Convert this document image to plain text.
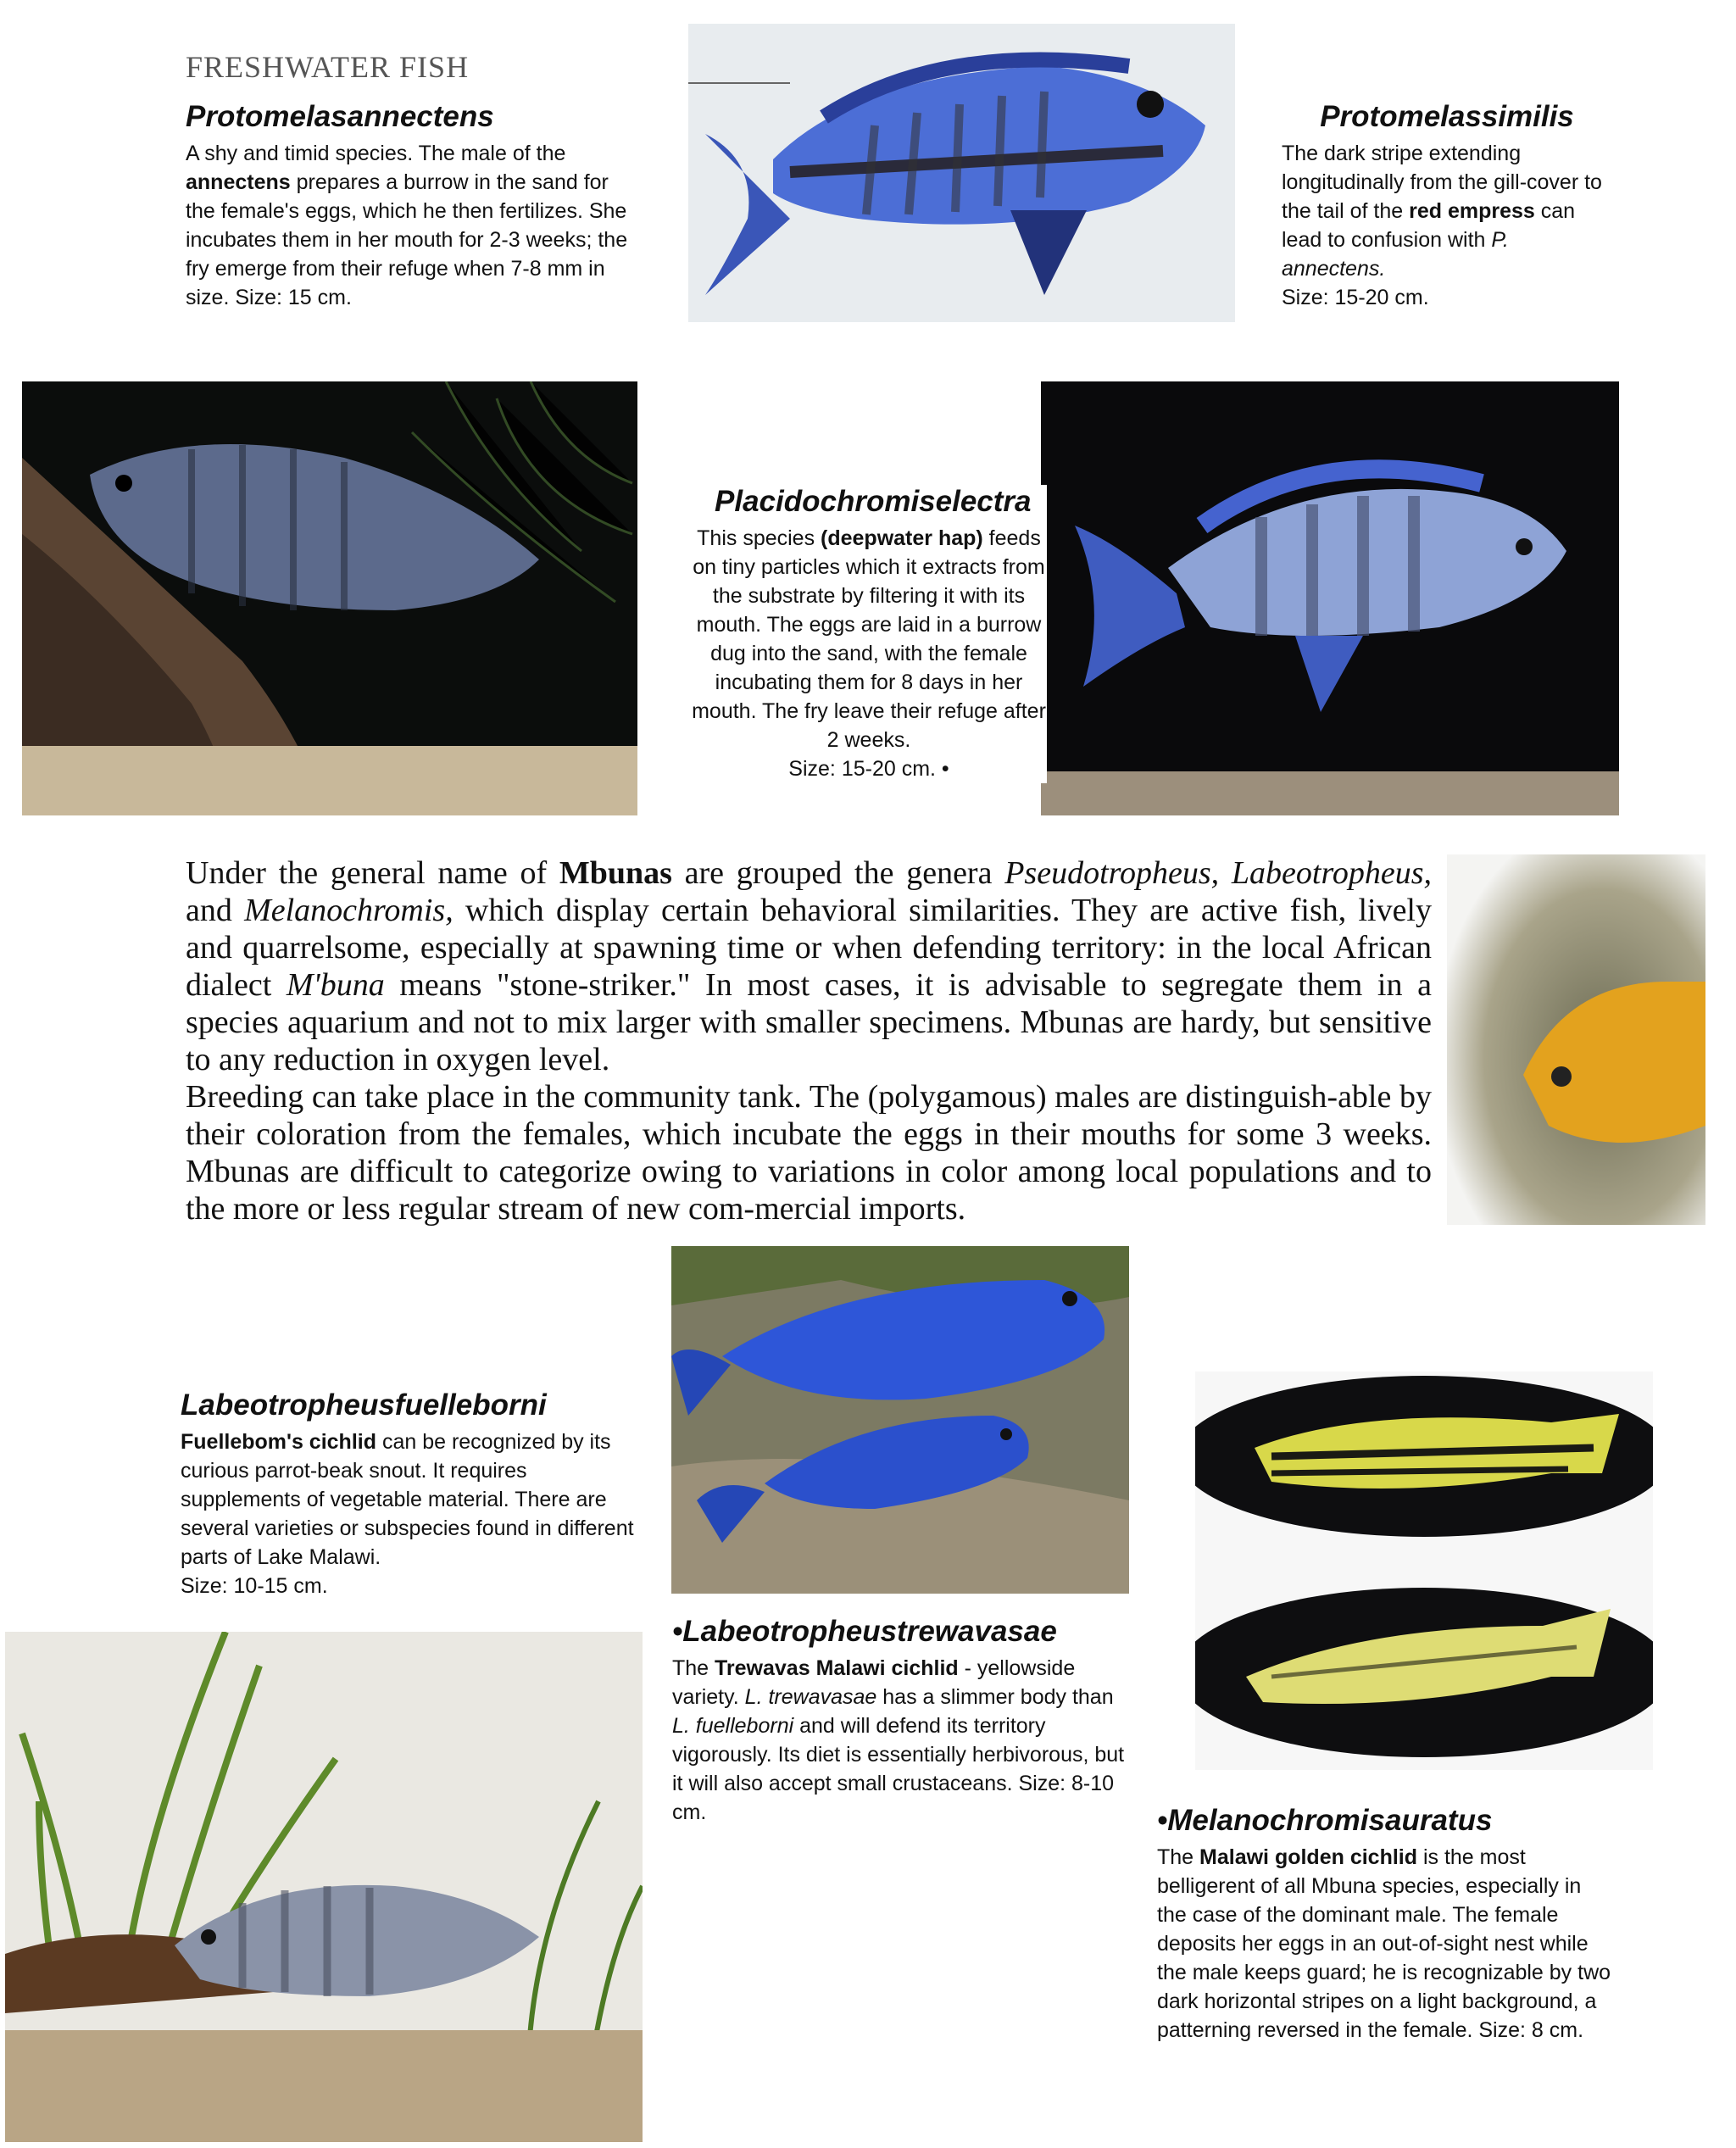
FRESHWATER FISH
Protomelasannectens
A shy and timid species. The male of the annectens prepares a burrow in the sand for the female's eggs, which he then fertilizes. She incubates them in her mouth for 2-3 weeks; the fry emerge from their refuge when 7-8 mm in size. Size: 15 cm.
Protomelassimilis
The dark stripe extending longitudinally from the gill-cover to the tail of the red empress can lead to confusion with P. annectens.
Size: 15-20 cm.
Placidochromiselectra
This species (deepwater hap) feeds on tiny particles which it extracts from the substrate by filtering it with its mouth. The eggs are laid in a burrow dug into the sand, with the female incubating them for 8 days in her mouth. The fry leave their refuge after 2 weeks.
Size: 15-20 cm. •

Under the general name of Mbunas are grouped the genera Pseudotropheus, Labeotropheus, and Melanochromis, which display certain behavioral similarities. They are active fish, lively and quarrelsome, especially at spawning time or when defending territory: in the local African dialect M'buna means "stone-striker." In most cases, it is advisable to segregate them in a species aquarium and not to mix larger with smaller specimens. Mbunas are hardy, but sensitive to any reduction in oxygen level.

Breeding can take place in the community tank. The (polygamous) males are distinguish-able by their coloration from the females, which incubate the eggs in their mouths for some 3 weeks. Mbunas are difficult to categorize owing to variations in color among local populations and to the more or less regular stream of new com-mercial imports.

Labeotropheusfuelleborni
Fuellebom's cichlid can be recognized by its curious parrot-beak snout. It requires supplements of vegetable material. There are several varieties or subspecies found in different parts of Lake Malawi.
Size: 10-15 cm.
•Labeotropheustrewavasae
The Trewavas Malawi cichlid - yellowside variety. L. trewavasae has a slimmer body than L. fuelleborni and will defend its territory vigorously. Its diet is essentially herbivorous, but it will also accept small crustaceans. Size: 8-10 cm.	•Melanochromisauratus
The Malawi golden cichlid is the most belligerent of all Mbuna species, especially in the case of the dominant male. The female deposits her eggs in an out-of-sight nest while the male keeps guard; he is recognizable by two dark horizontal stripes on a light background, a patterning reversed in the female. Size: 8 cm.
